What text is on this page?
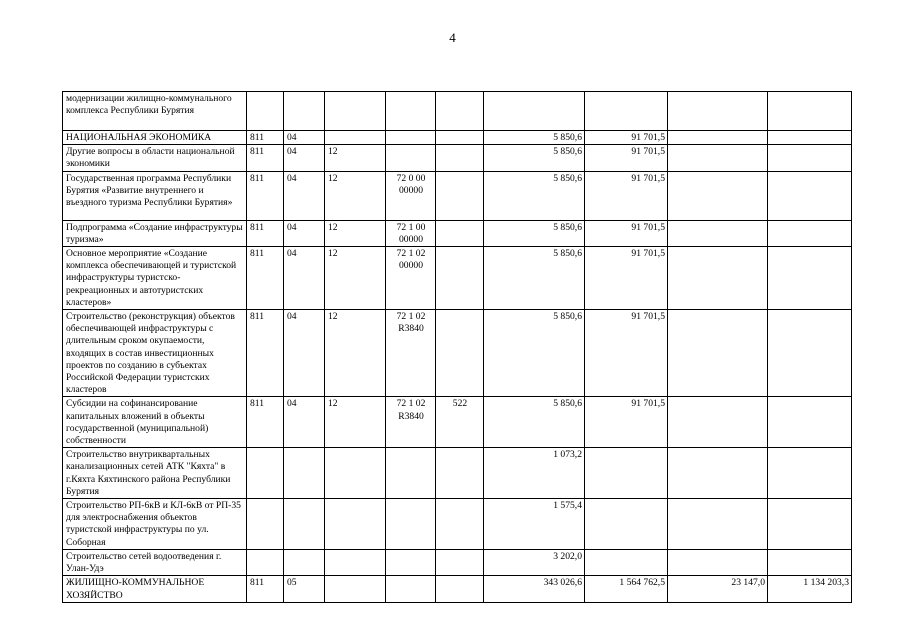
4
модернизации жилищно-коммунального комплекса Республики Бурятия									
НАЦИОНАЛЬНАЯ ЭКОНОМИКА	811	04				5 850,6	91 701,5		
Другие вопросы в области национальной экономики	811	04	12			5 850,6	91 701,5		
Государственная программа Республики Бурятия «Развитие внутреннего и въездного туризма Республики Бурятия»	811	04	12	72 0 00 00000		5 850,6	91 701,5		
Подпрограмма «Создание инфраструктуры туризма»	811	04	12	72 1 00 00000		5 850,6	91 701,5		
Основное мероприятие «Создание комплекса обеспечивающей и туристской инфраструктуры туристско-рекреационных и автотуристских кластеров»	811	04	12	72 1 02 00000		5 850,6	91 701,5		
Строительство (реконструкция) объектов обеспечивающей инфраструктуры с длительным сроком окупаемости, входящих в состав инвестиционных проектов по созданию в субъектах Российской Федерации туристских кластеров	811	04	12	72 1 02 R3840		5 850,6	91 701,5		
Субсидии на софинансирование капитальных вложений в объекты государственной (муниципальной) собственности	811	04	12	72 1 02 R3840	522	5 850,6	91 701,5		
Строительство внутриквартальных канализационных сетей АТК "Кяхта" в г.Кяхта Кяхтинского района Республики Бурятия						1 073,2			
Строительство РП-6кВ и КЛ-6кВ от РП-35 для электроснабжения объектов туристской инфраструктуры по ул. Соборная						1 575,4			
Строительство сетей водоотведения г. Улан-Удэ						3 202,0			
ЖИЛИЩНО-КОММУНАЛЬНОЕ ХОЗЯЙСТВО	811	05				343 026,6	1 564 762,5	23 147,0	1 134 203,3
